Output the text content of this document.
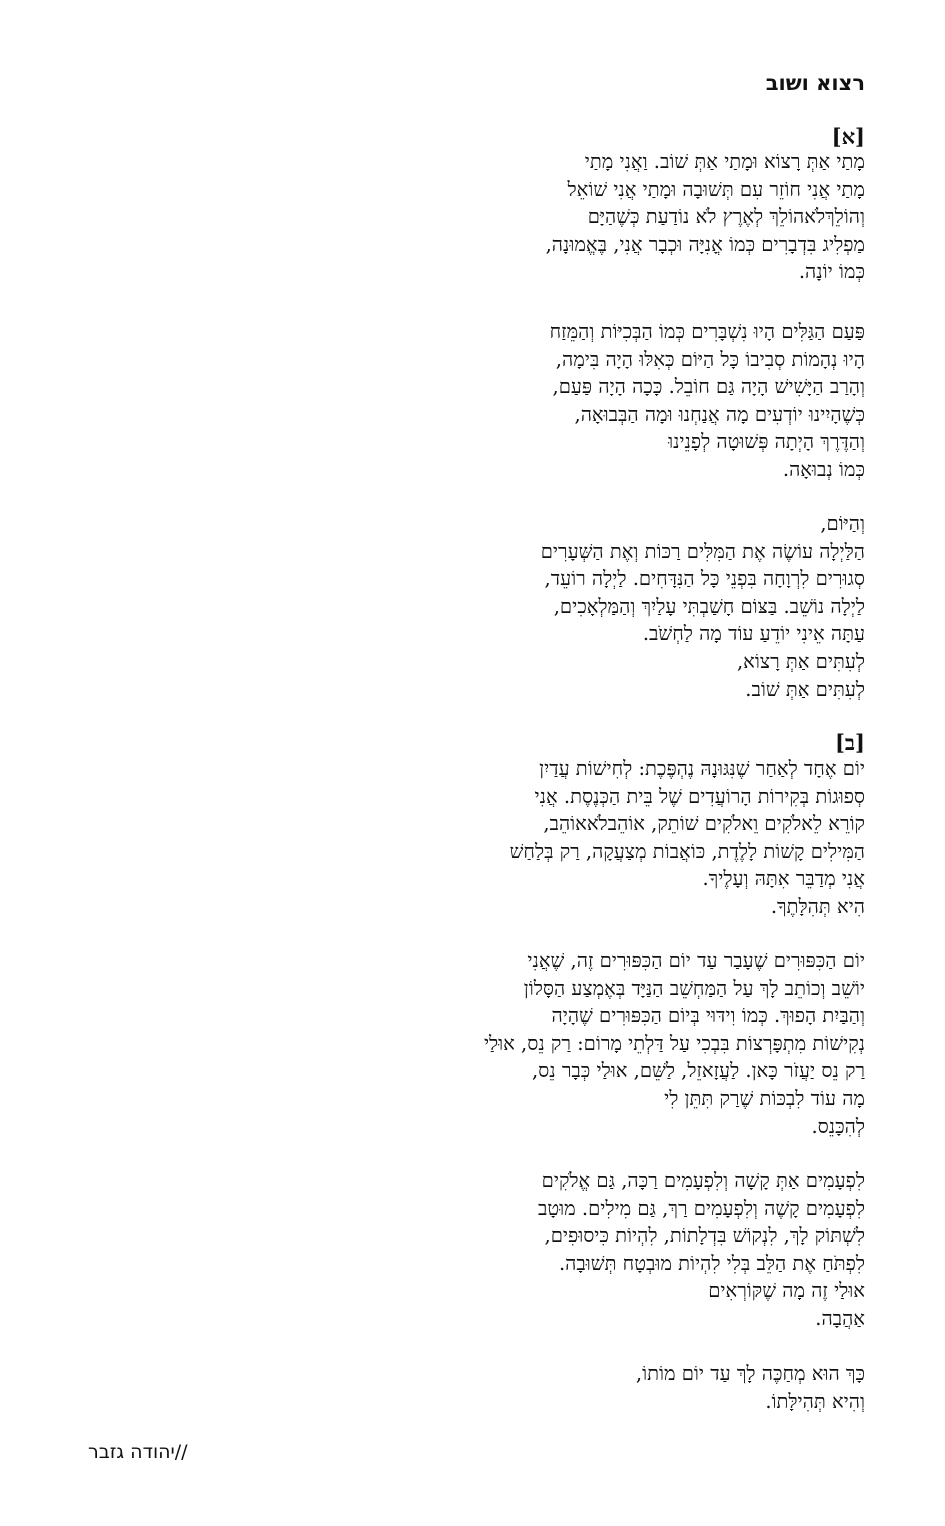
רצוא ושוב
[א]
מָתַי אַתְּ רָצוֹא וּמָתַי אַתְּ שׁוֹב. וַאֲנִי מָתַי
מָתַי אֲנִי חוֹזֵר עִם תְּשׁוּבָה וּמָתַי אֲנִי שׁוֹאֵל
וְהוֹלֵךְלֹאהוֹלֵךְ לְאֶרֶץ לֹא נוֹדַעַת כְּשֶׁהַיָּם
מַפְלִיג בִּדְבָרִים כְּמוֹ אֳנִיָּה וּכְבָר אֲנִי, בֶּאֱמוּנָה,
כְּמוֹ יוֹנָה.
פַּעַם הַגַּלִּים הָיוּ נִשְׁבָּרִים כְּמוֹ הַבְּכִיּוֹת וְהַמֵּזַח
הָיוּ נְהָמוֹת סְבִיבוֹ כָּל הַיּוֹם כְּאִלּוּ הָיָה בִּימָה,
וְהָרַב הַיָּשִׁישׁ הָיָה גַּם חוֹבֵל. כָּכָה הָיָה פַּעַם,
כְּשֶׁהָיִינוּ יוֹדְעִים מָה אֲנַחְנוּ וּמָה הַבְּבוּאָה,
וְהַדֶּרֶךְ הָיְתָה פְּשׁוּטָה לְפָנֵינוּ
כְּמוֹ נְבוּאָה.
וְהַיּוֹם,
הַלַּיְלָה עוֹשֶׂה אֶת הַמִּלִּים רַכּוֹת וְאֶת הַשְּׁעָרִים
סְגוּרִים לִרְוָחָה בִּפְנֵי כָּל הַנִּדָּחִים. לַיְלָה רוֹעֵד,
לַיְלָה נוֹשֵׁב. בַּצּוֹם חָשַׁבְתִּי עָלַיִךְ וְהַמַּלְאָכִים,
עַתָּה אֵינִי יוֹדֵעַ עוֹד מָה לַחְשֹׁב.
לְעִתִּים אַתְּ רָצוֹא,
לְעִתִּים אַתְּ שׁוֹב.
[ב]
יוֹם אֶחָד לְאַחַר שֶׁנִּגּוּנָהּ נֶהְפֶּכֶת: לְחִישׁוֹת עֲדַיִן
סְפוּגוֹת בְּקִירוֹת הָרוֹעֲדִים שֶׁל בֵּית הַכְּנֶסֶת. אֲנִי
קוֹרֵא לֵאלֹקִים וֵאלֹקִים שׁוֹתֵק, אוֹהֵבלֹאאוֹהֵב,
הַמִּילִים קָשׁוֹת לָלֶדֶת, כּוֹאֲבוֹת מְצַעֲקָה, רַק בְּלַחַשׁ
אֲנִי מְדַבֵּר אִתָּהּ וְעָלֶיךָ.
הִיא תְּהִלָּתֶךָ.
יוֹם הַכִּפּוּרִים שֶׁעָבַר עַד יוֹם הַכִּפּוּרִים זֶה, שֶׁאֲנִי
יוֹשֵׁב וְכוֹתֵב לָךְ עַל הַמַּחְשֵׁב הַנַּיָּד בְּאֶמְצַע הַסָּלוֹן
וְהַבַּיִת הָפוּךְ. כְּמוֹ וִידּוּי בְּיוֹם הַכִּפּוּרִים שֶׁהָיָה
נְקִישׁוֹת מִתְפָּרְצוֹת בִּבְכִי עַל דַּלְתֵי מָרוֹם: רַק נֵס, אוּלַי
רַק נֵס יַעֲזֹר כָּאן. לַעֲזָאזֵל, לַשֵּׁם, אוּלַי כְּבָר נֵס,
מָה עוֹד לִבְכּוֹת שֶׁרַק תִּתֵּן לִי
לְהִכָּנֵס.
לִפְעָמִים אַתְּ קָשָׁה וְלִפְעָמִים רַכָּה, גַּם אֱלֹקִים
לִפְעָמִים קָשֶׁה וְלִפְעָמִים רַךְ, גַּם מִילִים. מוּטָב
לִשְׁתּוֹק לָךְ, לִנְקוֹשׁ בִּדְלָתוֹת, לִהְיוֹת כִּיסוּפִים,
לִפְתֹּחַ אֶת הַלֵּב בְּלִי לִהְיוֹת מוּבְטָח תְּשׁוּבָה.
אוּלַי זֶה מָה שֶׁקּוֹרְאִים
אַהֲבָה.
כָּךְ הוּא מְחַכֶּה לָךְ עַד יוֹם מוֹתוֹ,
וְהִיא תְּהִילָּתוֹ.
//יהודה גזבר
